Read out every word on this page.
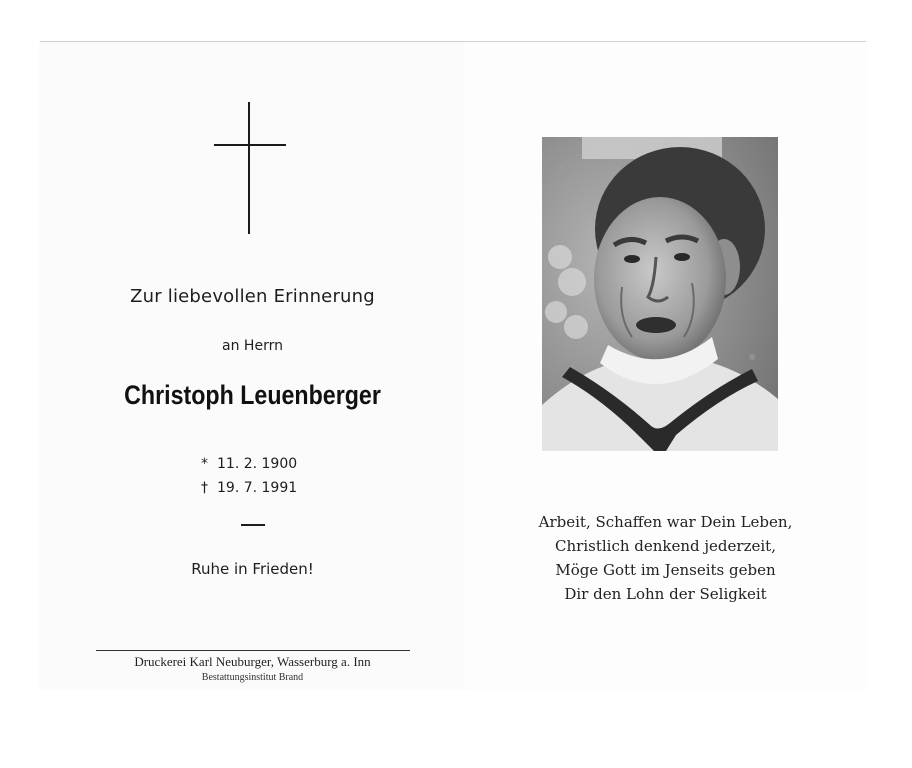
Zur liebevollen Erinnerung
an Herrn
Christoph Leuenberger
* 11. 2. 1900
† 19. 7. 1991
Ruhe in Frieden!
Druckerei Karl Neuburger, Wasserburg a. Inn
Bestattungsinstitut Brand
Arbeit, Schaffen war Dein Leben,
Christlich denkend jederzeit,
Möge Gott im Jenseits geben
Dir den Lohn der Seligkeit
